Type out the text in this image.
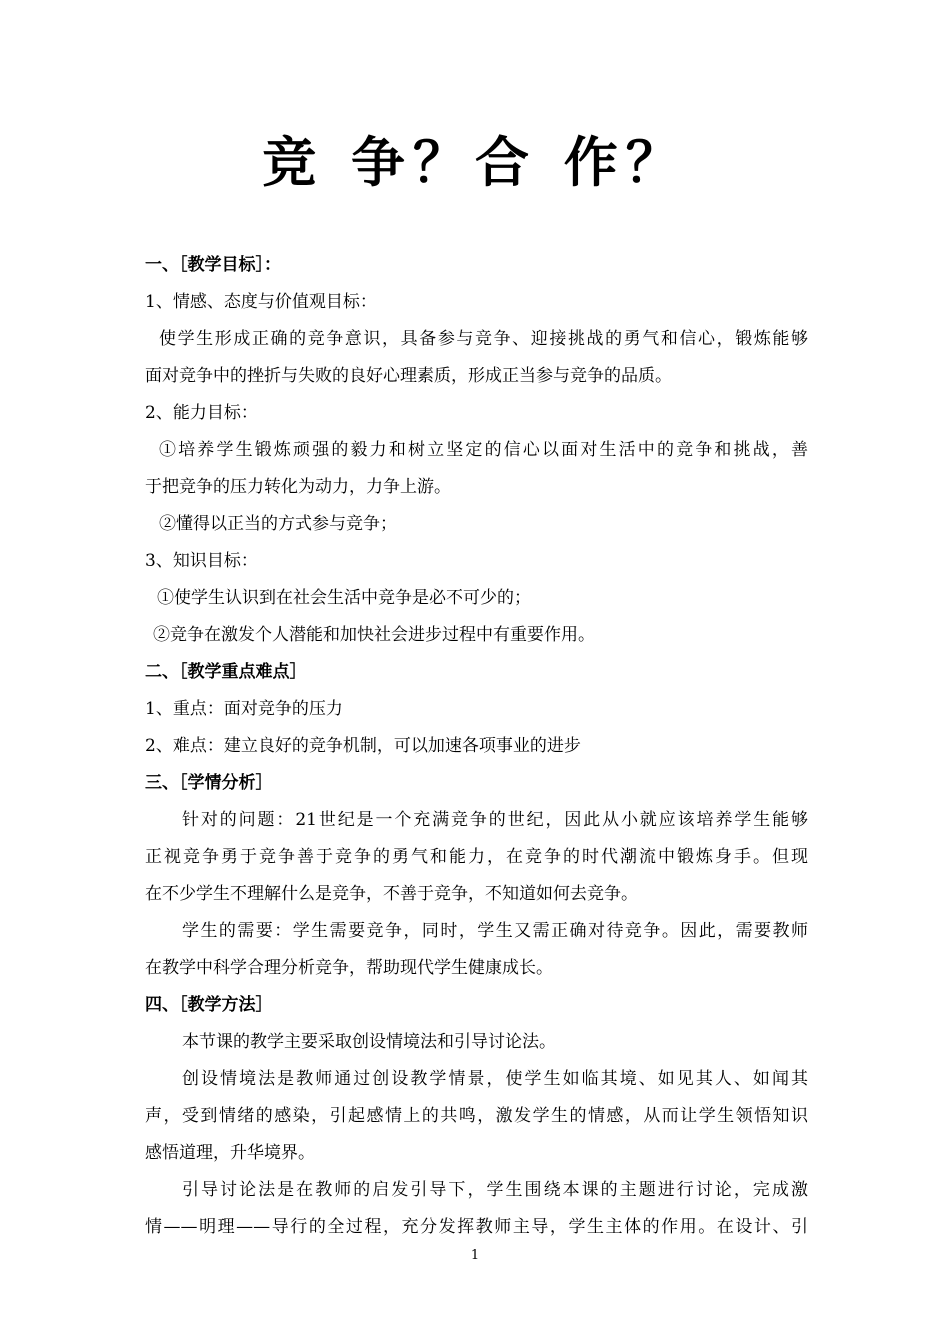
竞 争？合 作？
一、［教学目标］：
1、情感、态度与价值观目标：
使学生形成正确的竞争意识，具备参与竞争、迎接挑战的勇气和信心，锻炼能够
面对竞争中的挫折与失败的良好心理素质，形成正当参与竞争的品质。
2、能力目标：
①培养学生锻炼顽强的毅力和树立坚定的信心以面对生活中的竞争和挑战，善
于把竞争的压力转化为动力，力争上游。
②懂得以正当的方式参与竞争；
3、知识目标：
①使学生认识到在社会生活中竞争是必不可少的；
②竞争在激发个人潜能和加快社会进步过程中有重要作用。
二、［教学重点难点］
1、重点：面对竞争的压力
2、难点：建立良好的竞争机制，可以加速各项事业的进步
三、［学情分析］
针对的问题：21世纪是一个充满竞争的世纪，因此从小就应该培养学生能够
正视竞争勇于竞争善于竞争的勇气和能力，在竞争的时代潮流中锻炼身手。但现
在不少学生不理解什么是竞争，不善于竞争，不知道如何去竞争。
学生的需要：学生需要竞争，同时，学生又需正确对待竞争。因此，需要教师
在教学中科学合理分析竞争，帮助现代学生健康成长。
四、［教学方法］
本节课的教学主要采取创设情境法和引导讨论法。
创设情境法是教师通过创设教学情景，使学生如临其境、如见其人、如闻其
声，受到情绪的感染，引起感情上的共鸣，激发学生的情感，从而让学生领悟知识
感悟道理，升华境界。
引导讨论法是在教师的启发引导下，学生围绕本课的主题进行讨论，完成激
情——明理——导行的全过程，充分发挥教师主导，学生主体的作用。在设计、引
1
